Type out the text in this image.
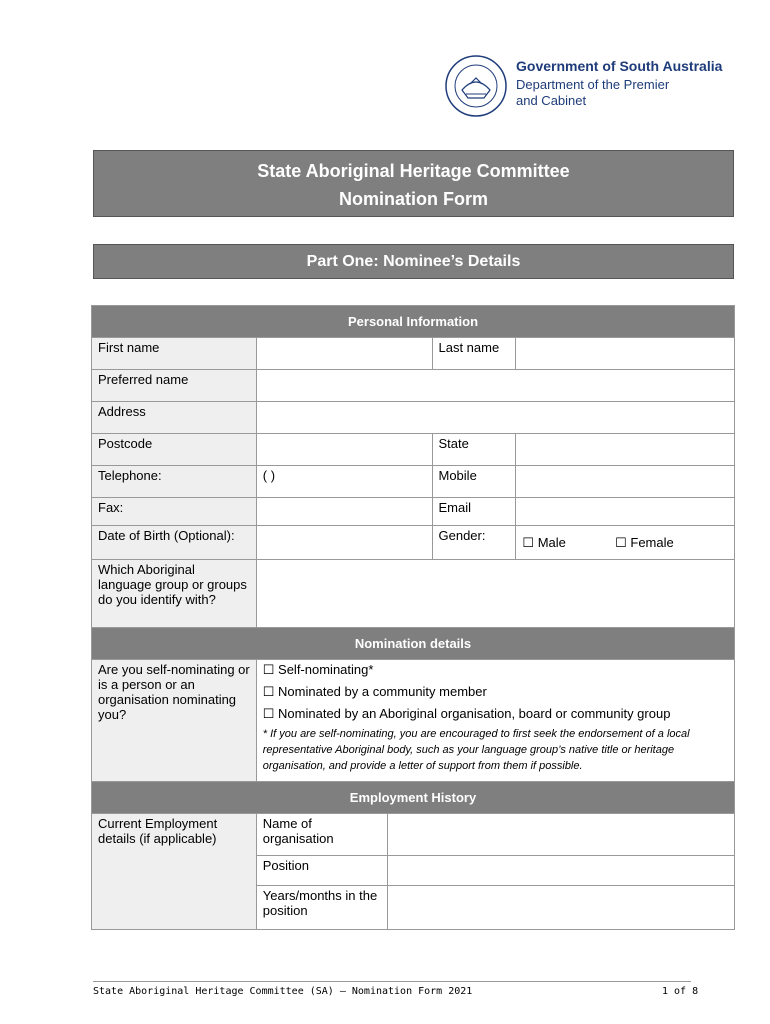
Government of South Australia
Department of the Premier
and Cabinet
State Aboriginal Heritage Committee
Nomination Form
Part One: Nominee’s Details
Personal Information				
First name			Last name	
Preferred name				
Address				
Postcode			State	
Telephone:	( )		Mobile	
Fax:			Email	
Date of Birth (Optional):			Gender:	☐ Male ☐ Female
Which Aboriginal language group or groups do you identify with?				
Nomination details				
Are you self-nominating or is a person or an organisation nominating you?	☐ Self-nominating*
☐ Nominated by a community member
☐ Nominated by an Aboriginal organisation, board or community group
* If you are self-nominating, you are encouraged to first seek the endorsement of a local representative Aboriginal body, such as your language group’s native title or heritage organisation, and provide a letter of support from them if possible.			

Employment History				
Current Employment details (if applicable)	Name of organisation			
	Position			
	Years/months in the position			
State Aboriginal Heritage Committee (SA) – Nomination Form 2021	1 of 8
